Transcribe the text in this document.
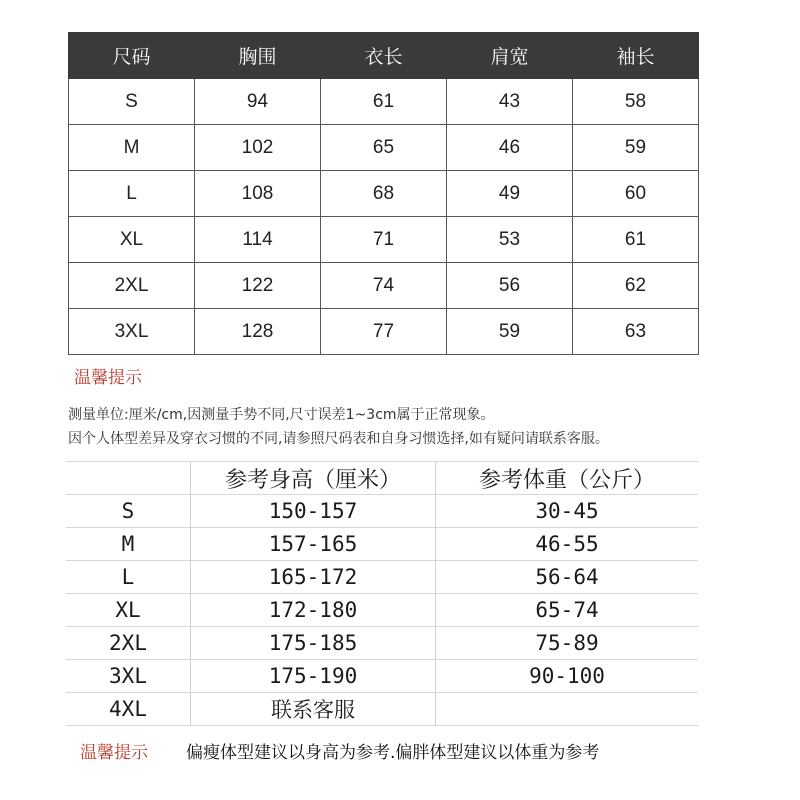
尺码	胸围	衣长	肩宽	袖长
S	94	61	43	58
M	102	65	46	59
L	108	68	49	60
XL	114	71	53	61
2XL	122	74	56	62
3XL	128	77	59	63
温馨提示
测量单位:厘米/cm,因测量手势不同,尺寸误差1~3cm属于正常现象。
因个人体型差异及穿衣习惯的不同,请参照尺码表和自身习惯选择,如有疑问请联系客服。
	参考身高（厘米）	参考体重（公斤）
S	150-157	30-45
M	157-165	46-55
L	165-172	56-64
XL	172-180	65-74
2XL	175-185	75-89
3XL	175-190	90-100
4XL	联系客服	
温馨提示 偏瘦体型建议以身高为参考.偏胖体型建议以体重为参考
